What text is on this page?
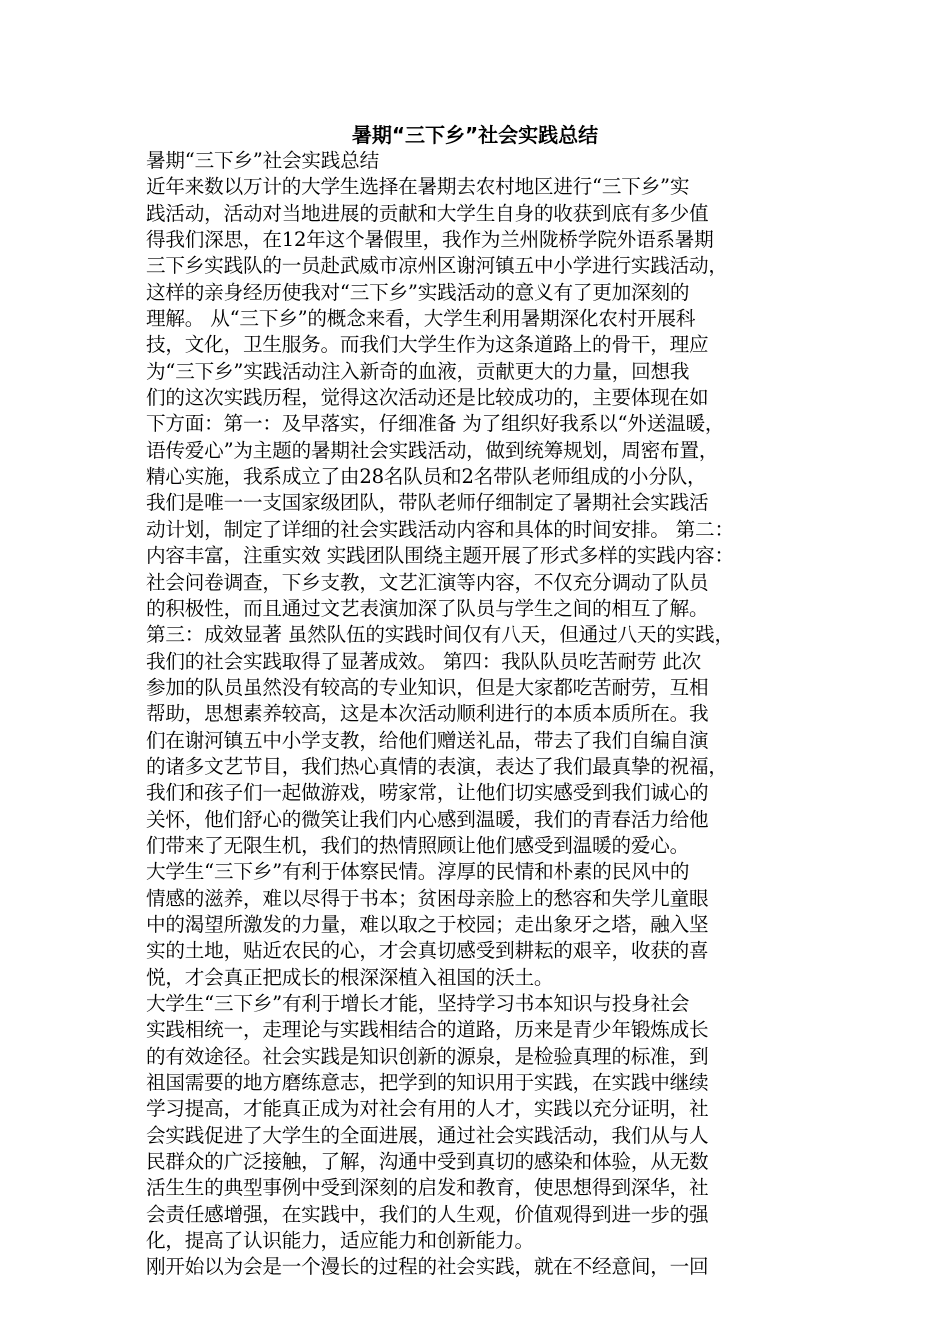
暑期“三下乡”社会实践总结
暑期“三下乡”社会实践总结
近年来数以万计的大学生选择在暑期去农村地区进行“三下乡”实
践活动，活动对当地进展的贡献和大学生自身的收获到底有多少值
得我们深思，在12年这个暑假里，我作为兰州陇桥学院外语系暑期
三下乡实践队的一员赴武威市凉州区谢河镇五中小学进行实践活动，
这样的亲身经历使我对“三下乡”实践活动的意义有了更加深刻的
理解。 从“三下乡”的概念来看，大学生利用暑期深化农村开展科
技，文化，卫生服务。而我们大学生作为这条道路上的骨干，理应
为“三下乡”实践活动注入新奇的血液，贡献更大的力量，回想我
们的这次实践历程，觉得这次活动还是比较成功的，主要体现在如
下方面：第一：及早落实，仔细准备 为了组织好我系以“外送温暖，
语传爱心”为主题的暑期社会实践活动，做到统筹规划，周密布置，
精心实施，我系成立了由28名队员和2名带队老师组成的小分队，
我们是唯一一支国家级团队，带队老师仔细制定了暑期社会实践活
动计划，制定了详细的社会实践活动内容和具体的时间安排。 第二：
内容丰富，注重实效 实践团队围绕主题开展了形式多样的实践内容：
社会问卷调查，下乡支教，文艺汇演等内容，不仅充分调动了队员
的积极性，而且通过文艺表演加深了队员与学生之间的相互了解。
第三：成效显著 虽然队伍的实践时间仅有八天，但通过八天的实践，
我们的社会实践取得了显著成效。 第四：我队队员吃苦耐劳 此次
参加的队员虽然没有较高的专业知识，但是大家都吃苦耐劳，互相
帮助，思想素养较高，这是本次活动顺利进行的本质本质所在。我
们在谢河镇五中小学支教，给他们赠送礼品，带去了我们自编自演
的诸多文艺节目，我们热心真情的表演，表达了我们最真挚的祝福，
我们和孩子们一起做游戏，唠家常，让他们切实感受到我们诚心的
关怀，他们舒心的微笑让我们内心感到温暖，我们的青春活力给他
们带来了无限生机，我们的热情照顾让他们感受到温暖的爱心。
大学生“三下乡”有利于体察民情。淳厚的民情和朴素的民风中的
情感的滋养，难以尽得于书本；贫困母亲脸上的愁容和失学儿童眼
中的渴望所激发的力量，难以取之于校园；走出象牙之塔，融入坚
实的土地，贴近农民的心，才会真切感受到耕耘的艰辛，收获的喜
悦，才会真正把成长的根深深植入祖国的沃土。
大学生“三下乡”有利于增长才能，坚持学习书本知识与投身社会
实践相统一，走理论与实践相结合的道路，历来是青少年锻炼成长
的有效途径。社会实践是知识创新的源泉，是检验真理的标准，到
祖国需要的地方磨练意志，把学到的知识用于实践，在实践中继续
学习提高，才能真正成为对社会有用的人才，实践以充分证明，社
会实践促进了大学生的全面进展，通过社会实践活动，我们从与人
民群众的广泛接触，了解，沟通中受到真切的感染和体验，从无数
活生生的典型事例中受到深刻的启发和教育，使思想得到深华，社
会责任感增强，在实践中，我们的人生观，价值观得到进一步的强
化，提高了认识能力，适应能力和创新能力。
刚开始以为会是一个漫长的过程的社会实践，就在不经意间，一回
